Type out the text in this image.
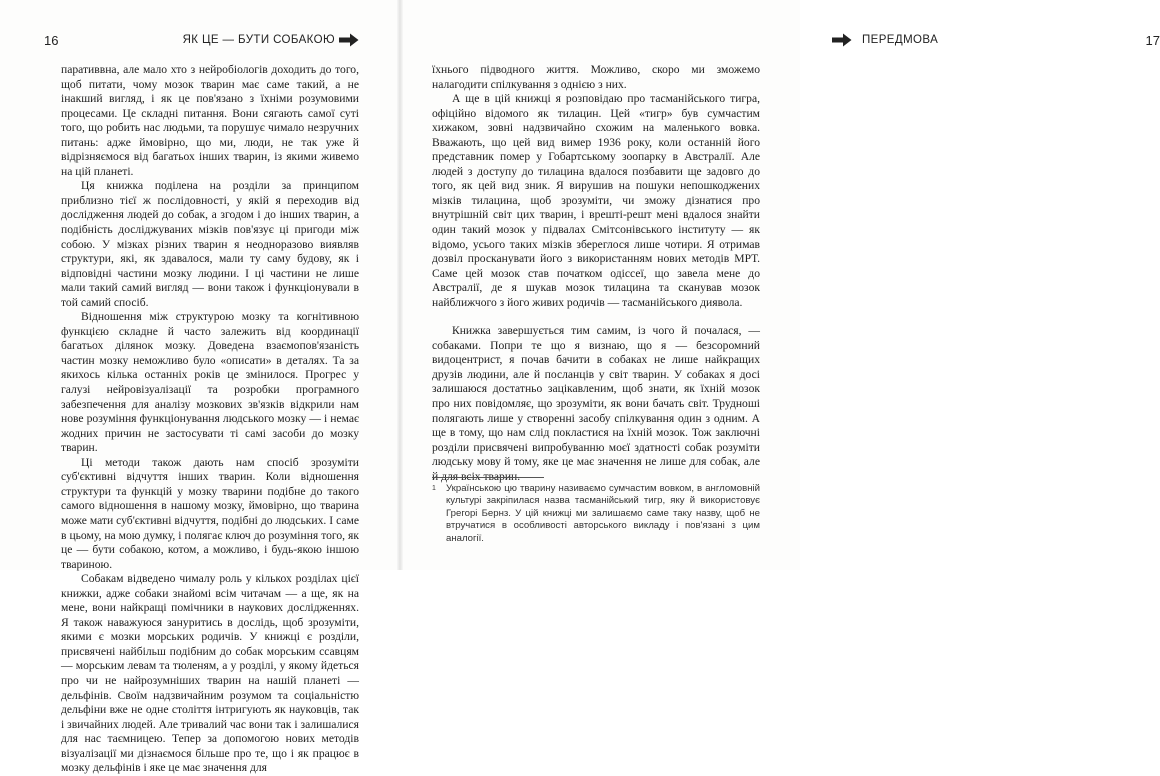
16	ЯК ЦЕ — БУТИ СОБАКОЮ

паративвна, але мало хто з нейробіологів доходить до того, щоб питати, чому мозок тварин має саме такий, а не інакший вигляд, і як це пов'язано з їхніми розумовими процесами. Це складні питання. Вони сягають самої суті того, що робить нас людьми, та порушує чимало незручних питань: адже ймовірно, що ми, люди, не так уже й відрізняємося від багатьох інших тварин, із якими живемо на цій планеті.

Ця книжка поділена на розділи за принципом приблизно тієї ж послідовності, у якій я переходив від дослідження людей до собак, а згодом і до інших тварин, а подібність досліджуваних мізків пов'язує ці пригоди між собою. У мізках різних тварин я неодноразово виявляв структури, які, як здавалося, мали ту саму будову, як і відповідні частини мозку людини. І ці частини не лише мали такий самий вигляд — вони також і функціонували в той самий спосіб.

Відношення між структурою мозку та когнітивною функцією складне й часто залежить від координації багатьох ділянок мозку. Доведена взаємопов'язаність частин мозку неможливо було «описати» в деталях. Та за якихось кілька останніх років це змінилося. Прогрес у галузі нейровізуалізації та розробки програмного забезпечення для аналізу мозкових зв'язків відкрили нам нове розуміння функціонування людського мозку — і немає жодних причин не застосувати ті самі засоби до мозку тварин.

Ці методи також дають нам спосіб зрозуміти суб'єктивні відчуття інших тварин. Коли відношення структури та функцій у мозку тварини подібне до такого самого відношення в нашому мозку, ймовірно, що тварина може мати суб'єктивні відчуття, подібні до людських. І саме в цьому, на мою думку, і полягає ключ до розуміння того, як це — бути собакою, котом, а можливо, і будь-якою іншою твариною.

Собакам відведено чималу роль у кількох розділах цієї книжки, адже собаки знайомі всім читачам — а ще, як на мене, вони найкращі помічники в наукових дослідженнях. Я також наважуюся зануритись в дослідь, щоб зрозуміти, якими є мозки морських родичів. У книжці є розділи, присвячені найбільш подібним до собак морським ссавцям — морським левам та тюленям, а у розділі, у якому йдеться про чи не найрозумніших тварин на нашій планеті — дельфінів. Своїм надзвичайним розумом та соціальністю дельфіни вже не одне століття інтригують як науковців, так і звичайних людей. Але тривалий час вони так і залишалися для нас таємницею. Тепер за допомогою нових методів візуалізації ми дізнаємося більше про те, що і як працює в мозку дельфінів і яке це має значення для

ПЕРЕДМОВА	17

їхнього підводного життя. Можливо, скоро ми зможемо налагодити спілкування з однією з них.

А ще в цій книжці я розповідаю про тасманійського тигра, офіційно відомого як тилацин. Цей «тигр» був сумчастим хижаком, зовні надзвичайно схожим на маленького вовка. Вважають, що цей вид вимер 1936 року, коли останній його представник помер у Гобартському зоопарку в Австралії. Але людей з доступу до тилацина вдалося позбавити ще задовго до того, як цей вид зник. Я вирушив на пошуки непошкоджених мізків тилацина, щоб зрозуміти, чи зможу дізнатися про внутрішній світ цих тварин, і врешті-решт мені вдалося знайти один такий мозок у підвалах Смітсонівського інституту — як відомо, усього таких мізків збереглося лише чотири. Я отримав дозвіл просканувати його з використанням нових методів МРТ. Саме цей мозок став початком одіссеї, що завела мене до Австралії, де я шукав мозок тилацина та сканував мозок найближчого з його живих родичів — тасманійського диявола.

Книжка завершується тим самим, із чого й почалася, — собаками. Попри те що я визнаю, що я — безсоромний видоцентрист, я почав бачити в собаках не лише найкращих друзів людини, але й посланців у світ тварин. У собаках я досі залишаюся достатньо зацікавленим, щоб знати, як їхній мозок про них повідомляє, що зрозуміти, як вони бачать світ. Трудноші полягають лише у створенні засобу спілкування один з одним. А ще в тому, що нам слід покластися на їхній мозок. Тож заключні розділи присвячені випробуванню моєї здатності собак розуміти людську мову й тому, яке це має значення не лише для собак, але й для всіх тварин.

1	Українською цю тварину називаємо сумчастим вовком, в англомовній культурі закріпилася назва тасманійський тигр, яку й використовує Грегорі Бернз. У цій книжці ми залишаємо саме таку назву, щоб не втручатися в особливості авторського викладу і пов'язані з цим аналогії.
